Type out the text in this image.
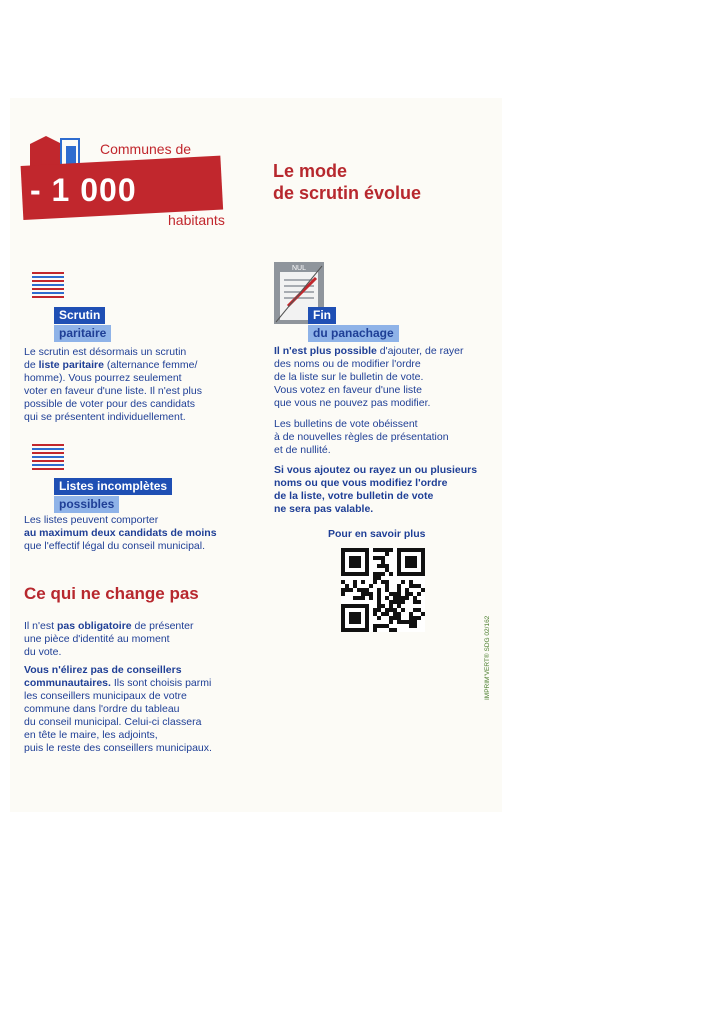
- 1 000
Communes de
habitants
Le mode
de scrutin évolue
Scrutin
paritaire
Le scrutin est désormais un scrutin
de liste paritaire (alternance femme/
homme). Vous pourrez seulement
voter en faveur d'une liste. Il n'est plus
possible de voter pour des candidats
qui se présentent individuellement.
Listes incomplètes
possibles
Les listes peuvent comporter
au maximum deux candidats de moins
que l'effectif légal du conseil municipal.
Ce qui ne change pas
Il n'est pas obligatoire de présenter
une pièce d'identité au moment
du vote.
Vous n'élirez pas de conseillers
communautaires. Ils sont choisis parmi
les conseillers municipaux de votre
commune dans l'ordre du tableau
du conseil municipal. Celui-ci classera
en tête le maire, les adjoints,
puis le reste des conseillers municipaux.
NUL
Fin
du panachage
Il n'est plus possible d'ajouter, de rayer
des noms ou de modifier l'ordre
de la liste sur le bulletin de vote.
Vous votez en faveur d'une liste
que vous ne pouvez pas modifier.
Les bulletins de vote obéissent
à de nouvelles règles de présentation
et de nullité.
Si vous ajoutez ou rayez un ou plusieurs
noms ou que vous modifiez l'ordre
de la liste, votre bulletin de vote
ne sera pas valable.
Pour en savoir plus
IMPRIM'VERT® SDG 02/162
